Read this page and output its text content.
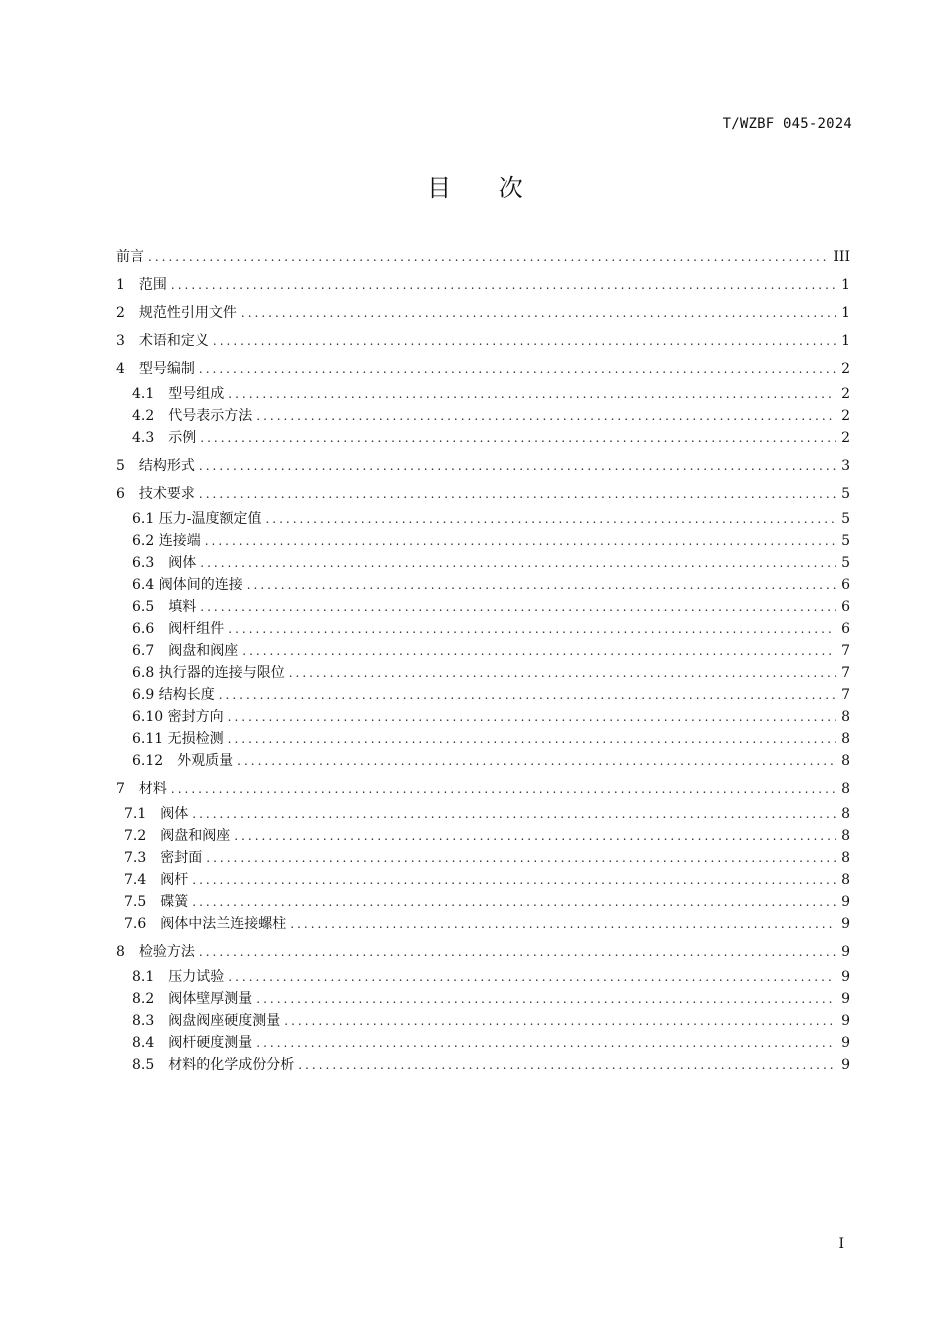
T/WZBF 045-2024
目 次
前言 .....	III
1　范围 .....	1
2　规范性引用文件 .....	1
3　术语和定义 .....	1
4　型号编制 .....	2
4.1　型号组成 .....	2
4.2　代号表示方法 .....	2
4.3　示例 .....	2
5　结构形式 .....	3
6　技术要求 .....	5
6.1 压力-温度额定值 .....	5
6.2 连接端 .....	5
6.3　阀体 .....	5
6.4 阀体间的连接 .....	6
6.5　填料 .....	6
6.6　阀杆组件 .....	6
6.7　阀盘和阀座 .....	7
6.8 执行器的连接与限位 .....	7
6.9 结构长度 .....	7
6.10 密封方向 .....	8
6.11 无损检测 .....	8
6.12　外观质量 .....	8
7　材料 .....	8
7.1　阀体 .....	8
7.2　阀盘和阀座 .....	8
7.3　密封面 .....	8
7.4　阀杆 .....	8
7.5　碟簧 .....	9
7.6　阀体中法兰连接螺柱 .....	9
8　检验方法 .....	9
8.1　压力试验 .....	9
8.2　阀体壁厚测量 .....	9
8.3　阀盘阀座硬度测量 .....	9
8.4　阀杆硬度测量 .....	9
8.5　材料的化学成份分析 .....	9
I
